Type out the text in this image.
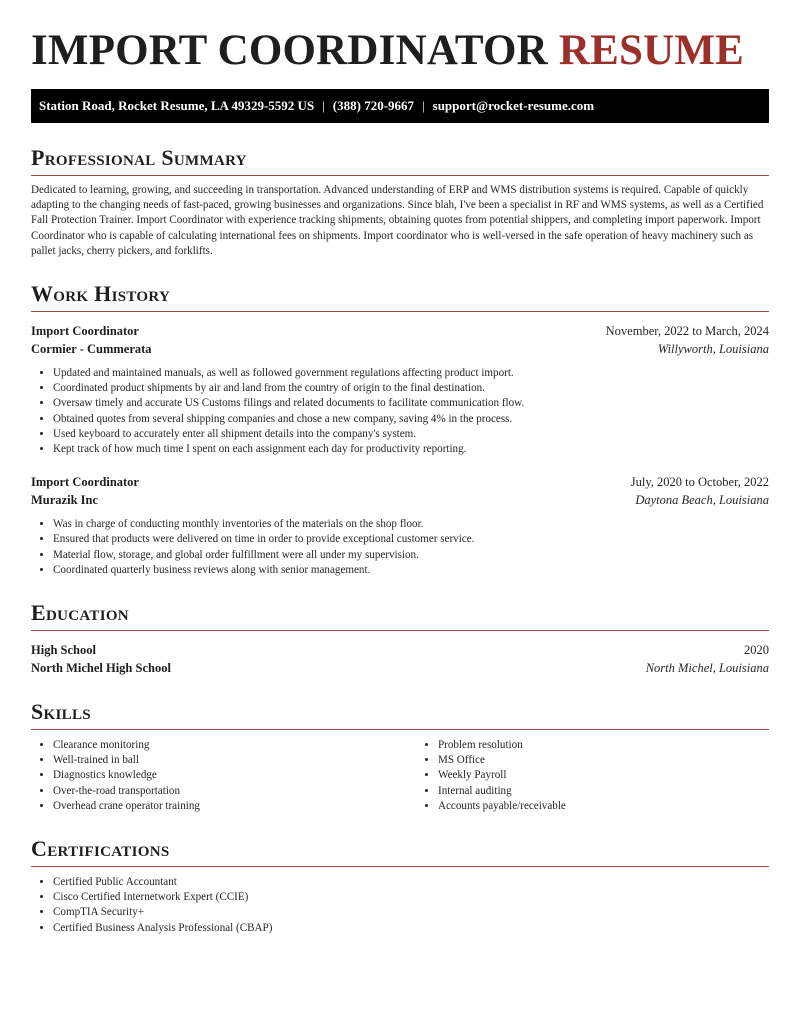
IMPORT COORDINATOR RESUME
Station Road, Rocket Resume, LA 49329-5592 US | (388) 720-9667 | support@rocket-resume.com
Professional Summary

Dedicated to learning, growing, and succeeding in transportation. Advanced understanding of ERP and WMS distribution systems is required. Capable of quickly adapting to the changing needs of fast-paced, growing businesses and organizations. Since blah, I've been a specialist in RF and WMS systems, as well as a Certified Fall Protection Trainer. Import Coordinator with experience tracking shipments, obtaining quotes from potential shippers, and completing import paperwork. Import Coordinator who is capable of calculating international fees on shipments. Import coordinator who is well-versed in the safe operation of heavy machinery such as pallet jacks, cherry pickers, and forklifts.

Work History
Import Coordinator	November, 2022 to March, 2024
Cormier - Cummerata	Willyworth, Louisiana
• Updated and maintained manuals, as well as followed government regulations affecting product import.
• Coordinated product shipments by air and land from the country of origin to the final destination.
• Oversaw timely and accurate US Customs filings and related documents to facilitate communication flow.
• Obtained quotes from several shipping companies and chose a new company, saving 4% in the process.
• Used keyboard to accurately enter all shipment details into the company's system.
• Kept track of how much time I spent on each assignment each day for productivity reporting.
Import Coordinator	July, 2020 to October, 2022
Murazik Inc	Daytona Beach, Louisiana
• Was in charge of conducting monthly inventories of the materials on the shop floor.
• Ensured that products were delivered on time in order to provide exceptional customer service.
• Material flow, storage, and global order fulfillment were all under my supervision.
• Coordinated quarterly business reviews along with senior management.
Education
High School	2020
North Michel High School	North Michel, Louisiana
Skills
• Clearance monitoring
• Well-trained in ball
• Diagnostics knowledge
• Over-the-road transportation
• Overhead crane operator training
• Problem resolution
• MS Office
• Weekly Payroll
• Internal auditing
• Accounts payable/receivable
Certifications
• Certified Public Accountant
• Cisco Certified Internetwork Expert (CCIE)
• CompTIA Security+
• Certified Business Analysis Professional (CBAP)
